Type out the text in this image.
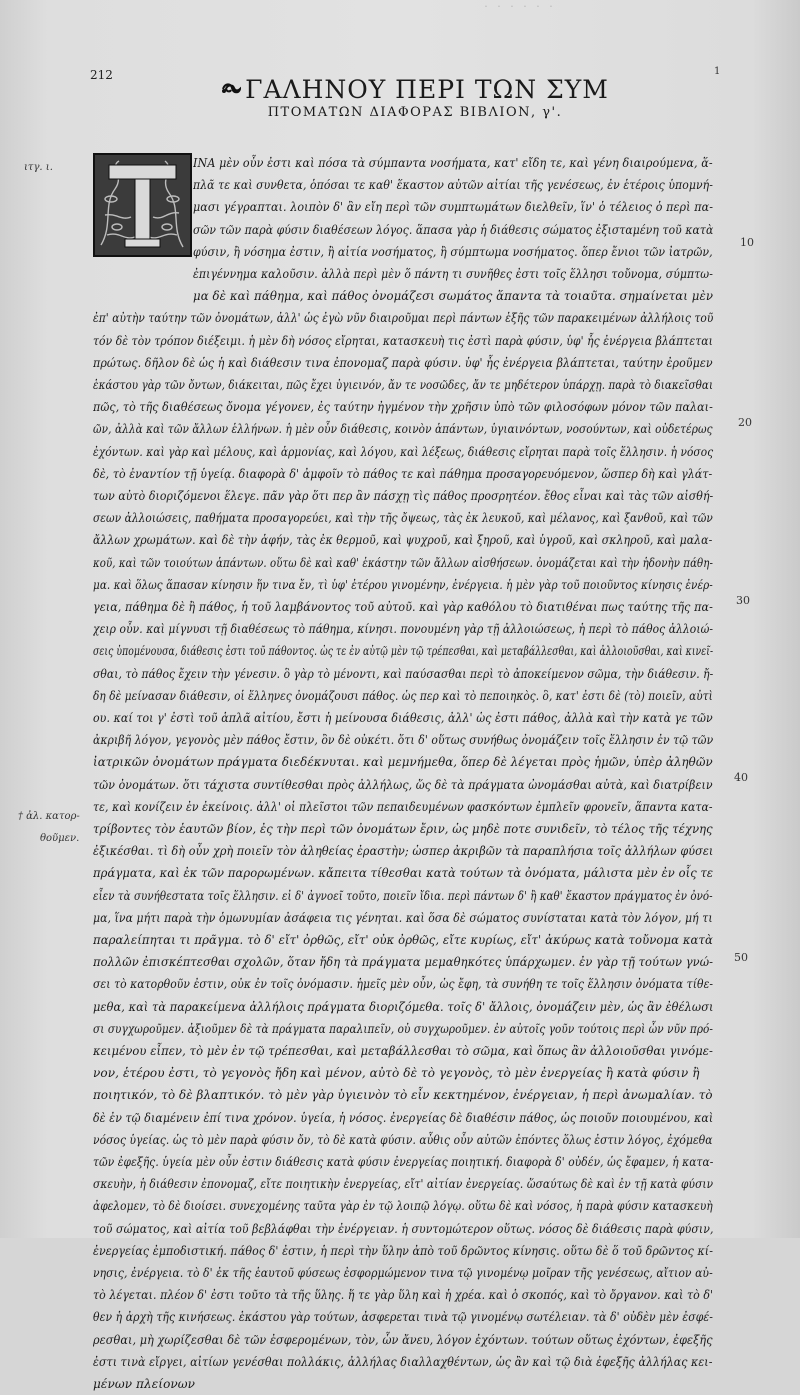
· · · · · ·
212	1
ΓΑΛΗΝΟΥ ΠΕΡΙ ΤΩΝ ΣΥΜ
ΠΤΟΜΑΤΩΝ ΔΙΑΦΟΡΑΣ ΒΙΒΛΙΟΝ, γ'.
ιτγ. ι.
† ἀλ. κατορ-
θοῦμεν.
10
20
30
40
50
ΙΝΑ μὲν οὖν ἐστι καὶ πόσα τὰ σύμπαντα νοσήματα, κατ' εἴδη τε, καὶ γένη διαιρούμενα, ἅ-
πλᾶ τε καὶ συνθετα, ὁπόσαι τε καθ' ἕκαστον αὐτῶν αἰτίαι τῆς γενέσεως, ἐν ἑτέροις ὑπομνή-
μασι γέγραπται. λοιπὸν δ' ἂν εἴη περὶ τῶν συμπτωμάτων διελθεῖν, ἵν' ὁ τέλειος ὁ περὶ πα-
σῶν τῶν παρὰ φύσιν διαθέσεων λόγος. ἅπασα γὰρ ἡ διάθεσις σώματος ἐξισταμένη τοῦ κατὰ
φύσιν, ἢ νόσημα ἐστιν, ἢ αἰτία νοσήματος, ἢ σύμπτωμα νοσήματος. ὅπερ ἔνιοι τῶν ἰατρῶν,
ἐπιγέννημα καλοῦσιν. ἀλλὰ περὶ μὲν ὅ πάντη τι συνῆθες ἐστι τοῖς ἕλλησι τοὔνομα, σύμπτω-
μα δὲ καὶ πάθημα, καὶ πάθος ὀνομάζεσι σωμάτος ἅπαντα τὰ τοιαῦτα. σημαίνεται μὲν
ἐπ' αὐτὴν ταύτην τῶν ὀνομάτων, ἀλλ' ὡς ἐγὼ νῦν διαιροῦμαι περὶ πάντων ἑξῆς τῶν παρακειμένων ἀλλήλοις τοῦ
τόν δὲ τὸν τρόπον διέξειμι. ἡ μὲν δὴ νόσος εἴρηται, κατασκευὴ τις ἐστὶ παρὰ φύσιν, ὑφ' ἧς ἐνέργεια βλάπτεται
πρώτως. δῆλον δὲ ὡς ἡ καὶ διάθεσιν τινα ἐπονομαζ παρὰ φύσιν. ὑφ' ἧς ἐνέργεια βλάπτεται, ταύτην ἐροῦμεν
ἑκάστου γὰρ τῶν ὄντων, διάκειται, πῶς ἔχει ὑγιεινόν, ἄν τε νοσῶδες, ἄν τε μηδέτερον ὑπάρχῃ. παρὰ τὸ διακεῖσθαι
πῶς, τὸ τῆς διαθέσεως ὄνομα γέγονεν, ἐς ταύτην ἠγμένον τὴν χρῆσιν ὑπὸ τῶν φιλοσόφων μόνον τῶν παλαι-
ῶν, ἀλλὰ καὶ τῶν ἄλλων ἑλλήνων. ἡ μὲν οὖν διάθεσις, κοινὸν ἁπάντων, ὑγιαινόντων, νοσούντων, καὶ οὐδετέρως
ἐχόντων. καὶ γὰρ καὶ μέλους, καὶ ἁρμονίας, καὶ λόγου, καὶ λέξεως, διάθεσις εἴρηται παρὰ τοῖς ἕλλησιν. ἡ νόσος
δὲ, τὸ ἐναντίον τῇ ὑγείᾳ. διαφορὰ δ' ἀμφοῖν τὸ πάθος τε καὶ πάθημα προσαγορευόμενον, ὥσπερ δὴ καὶ γλάτ-
των αὐτὸ διοριζόμενοι ἕλεγε. πᾶν γὰρ ὅτι περ ἂν πάσχῃ τὶς πάθος προσρητέον. ἔθος εἶναι καὶ τὰς τῶν αἰσθή-
σεων ἀλλοιώσεις, παθήματα προσαγορεύει, καὶ τὴν τῆς ὄψεως, τὰς ἐκ λευκοῦ, καὶ μέλανος, καὶ ξανθοῦ, καὶ τῶν
ἄλλων χρωμάτων. καὶ δὲ τὴν ἁφήν, τὰς ἐκ θερμοῦ, καὶ ψυχροῦ, καὶ ξηροῦ, καὶ ὑγροῦ, καὶ σκληροῦ, καὶ μαλα-
κοῦ, καὶ τῶν τοιούτων ἁπάντων. οὕτω δὲ καὶ καθ' ἑκάστην τῶν ἄλλων αἰσθήσεων. ὀνομάζεται καὶ τὴν ἡδονὴν πάθη-
μα. καὶ ὅλως ἅπασαν κίνησιν ἥν τινα ἔν, τὶ ὑφ' ἑτέρου γινομένην, ἐνέργεια. ἡ μὲν γὰρ τοῦ ποιοῦντος κίνησις ἐνέρ-
γεια, πάθημα δὲ ἢ πάθος, ἡ τοῦ λαμβάνοντος τοῦ αὐτοῦ. καὶ γὰρ καθόλου τὸ διατιθέναι πως ταύτης τῆς πα-
χειρ οὖν. καὶ μίγνυσι τῇ διαθέσεως τὸ πάθημα, κίνησι. πονουμένη γὰρ τῇ ἀλλοιώσεως, ἡ περὶ τὸ πάθος ἀλλοιώ-
σεις ὑπομένουσα, διάθεσις ἐστι τοῦ πάθοντος. ὡς τε ἐν αὐτῷ μὲν τῷ τρέπεσθαι, καὶ μεταβάλλεσθαι, καὶ ἀλλοιοῦσθαι, καὶ κινεῖ-
σθαι, τὸ πάθος ἔχειν τὴν γένεσιν. ὃ γὰρ τὸ μένοντι, καὶ παύσασθαι περὶ τὸ ἀποκείμενον σῶμα, τὴν διάθεσιν. ἤ-
δη δὲ μείνασαν διάθεσιν, οἱ ἕλληνες ὀνομάζουσι πάθος. ὡς περ καὶ τὸ πεποιηκὸς. ὃ, κατ' ἐστι δὲ (τὸ) ποιεῖν, αὐτὶ
ου. καί τοι γ' ἐστὶ τοῦ ἁπλᾶ αἰτίου, ἔστι ἡ μείνουσα διάθεσις, ἀλλ' ὡς ἐστι πάθος, ἀλλὰ καὶ τὴν κατὰ γε τῶν
ἀκριβῆ λόγον, γεγονὸς μὲν πάθος ἔστιν, ὂν δὲ οὐκέτι. ὅτι δ' οὕτως συνήθως ὀνομάζειν τοῖς ἕλλησιν ἐν τῷ τῶν
ἰατρικῶν ὀνομάτων πράγματα διεδέκνυται. καὶ μεμνήμεθα, ὅπερ δὲ λέγεται πρὸς ἡμῶν, ὑπὲρ ἀληθῶν
τῶν ὀνομάτων. ὅτι τάχιστα συντίθεσθαι πρὸς ἀλλήλως, ὥς δὲ τὰ πράγματα ὠνομάσθαι αὐτὰ, καὶ διατρίβειν
τε, καὶ κονίζειν ἐν ἐκείνοις. ἀλλ' οἱ πλεῖστοι τῶν πεπαιδευμένων φασκόντων ἐμπλεῖν φρονεῖν, ἅπαντα κατα-
τρίβοντες τὸν ἑαυτῶν βίον, ἐς τὴν περὶ τῶν ὀνομάτων ἔριν, ὡς μηδὲ ποτε συνιδεῖν, τὸ τέλος τῆς τέχνης
ἐξικέσθαι. τὶ δὴ οὖν χρὴ ποιεῖν τὸν ἀληθείας ἐραστὴν; ὡσπερ ἀκριβῶν τὰ παραπλήσια τοῖς ἀλλήλων φύσει
πράγματα, καὶ ἐκ τῶν παρορωμένων. κἄπειτα τίθεσθαι κατὰ τούτων τὰ ὀνόματα, μάλιστα μὲν ἐν οἷς τε
εἶεν τὰ συνήθεστατα τοῖς ἕλλησιν. εἰ δ' ἀγνοεῖ τοῦτο, ποιεῖν ἴδια. περὶ πάντων δ' ἢ καθ' ἕκαστον πράγματος ἐν ὀνό-
μα, ἵνα μήτι παρὰ τὴν ὁμωνυμίαν ἀσάφεια τις γένηται. καὶ ὅσα δὲ σώματος συνίσταται κατὰ τὸν λόγον, μή τι
παραλείπηται τι πρᾶγμα. τὸ δ' εἴτ' ὀρθῶς, εἴτ' οὐκ ὀρθῶς, εἴτε κυρίως, εἴτ' ἀκύρως κατὰ τοὔνομα κατὰ
πολλῶν ἐπισκέπτεσθαι σχολῶν, ὅταν ἤδη τὰ πράγματα μεμαθηκότες ὑπάρχωμεν. ἐν γὰρ τῇ τούτων γνώ-
σει τὸ κατορθοῦν ἐστιν, οὐκ ἐν τοῖς ὀνόμασιν. ἡμεῖς μὲν οὖν, ὡς ἔφη, τὰ συνήθη τε τοῖς ἕλλησιν ὀνόματα τίθε-
μεθα, καὶ τὰ παρακείμενα ἀλλήλοις πράγματα διοριζόμεθα. τοῖς δ' ἄλλοις, ὀνομάζειν μὲν, ὡς ἂν ἐθέλωσι
σι συγχωροῦμεν. ἀξιοῦμεν δὲ τὰ πράγματα παραλιπεῖν, οὐ συγχωροῦμεν. ἐν αὐτοῖς γοῦν τούτοις περὶ ὧν νῦν πρό-
κειμένου εἶπεν, τὸ μὲν ἐν τῷ τρέπεσθαι, καὶ μεταβάλλεσθαι τὸ σῶμα, καὶ ὅπως ἂν ἀλλοιοῦσθαι γινόμε-
νον, ἑτέρου ἐστι, τὸ γεγονὸς ἤδη καὶ μένον, αὐτὸ δὲ τὸ γεγονὸς, τὸ μὲν ἐνεργείας ἢ κατὰ φύσιν ἢ
ποιητικόν, τὸ δὲ βλαπτικόν. τὸ μὲν γὰρ ὑγιεινὸν τὸ εἶν κεκτημένον, ἐνέργειαν, ἡ περὶ ἀνωμαλίαν. τὸ
δὲ ἐν τῷ διαμένειν ἐπί τινα χρόνον. ὑγεία, ἡ νόσος. ἐνεργείας δὲ διαθέσιν πάθος, ὡς ποιοῦν ποιουμένου, καὶ
νόσος ὑγείας. ὡς τὸ μὲν παρὰ φύσιν ὄν, τὸ δὲ κατὰ φύσιν. αὖθις οὖν αὐτῶν ἐπόντες ὅλως ἐστιν λόγος, ἐχόμεθα
τῶν ἐφεξῆς. ὑγεία μὲν οὖν ἐστιν διάθεσις κατὰ φύσιν ἐνεργείας ποιητική. διαφορὰ δ' οὐδέν, ὡς ἔφαμεν, ἡ κατα-
σκευὴν, ἡ διάθεσιν ἐπονομαζ, εἴτε ποιητικὴν ἐνεργείας, εἴτ' αἰτίαν ἐνεργείας. ὥσαύτως δὲ καὶ ἐν τῇ κατὰ φύσιν
ἀφελομεν, τὸ δὲ διοίσει. συνεχομένης ταῦτα γὰρ ἐν τῷ λοιπῷ λόγῳ. οὕτω δὲ καὶ νόσος, ἡ παρὰ φύσιν κατασκευὴ
τοῦ σώματος, καὶ αἰτία τοῦ βεβλάφθαι τὴν ἐνέργειαν. ἡ συντομώτερον οὕτως. νόσος δὲ διάθεσις παρὰ φύσιν,
ἐνεργείας ἐμποδιστική. πάθος δ' ἐστιν, ἡ περὶ τὴν ὕλην ἀπὸ τοῦ δρῶντος κίνησις. οὕτω δὲ ὅ τοῦ δρῶντος κί-
νησις, ἐνέργεια. τὸ δ' ἐκ τῆς ἑαυτοῦ φύσεως ἐσφορμώμενον τινα τῷ γινομένῳ μοῖραν τῆς γενέσεως, αἴτιον αὐ-
τὸ λέγεται. πλέον δ' ἐστι τοῦτο τὰ τῆς ὕλης. ἥ τε γὰρ ὕλη καὶ ἡ χρέα. καὶ ὁ σκοπός, καὶ τὸ ὄργανον. καὶ τὸ δ'
θεν ἡ ἀρχὴ τῆς κινήσεως. ἑκάστου γὰρ τούτων, ἀσφερεται τινὰ τῷ γινομένῳ σωτέλειαν. τὰ δ' οὐδὲν μὲν ἐσφέ-
ρεσθαι, μὴ χωρίζεσθαι δὲ τῶν ἐσφερομένων, τὸν, ὧν ἄνευ, λόγον ἐχόντων. τούτων οὕτως ἐχόντων, ἐφεξῆς
ἐστι τινὰ εἴργει, αἰτίων γενέσθαι πολλάκις, ἀλλήλας διαλλαχθέντων, ὡς ἂν καὶ τῷ διὰ ἐφεξῆς ἀλλήλας κει-
μένων πλείονων
